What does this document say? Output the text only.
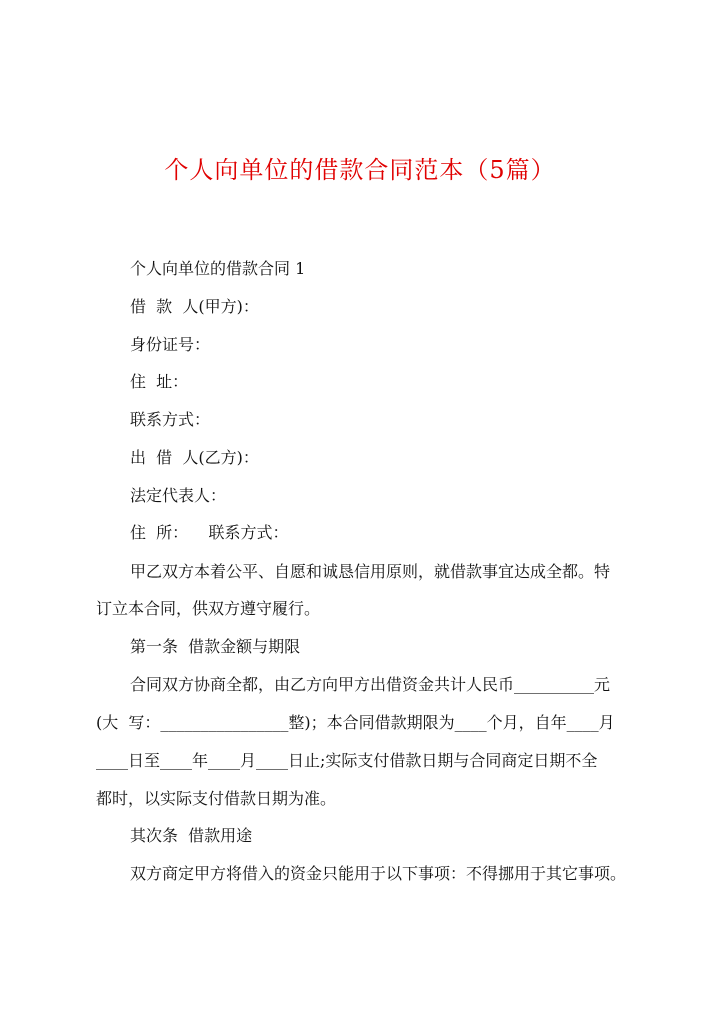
个人向单位的借款合同范本（5篇）
个人向单位的借款合同 1
借  款  人(甲方)：
身份证号：
住  址：
联系方式：
出  借  人(乙方)：
法定代表人：
住  所：    联系方式：
甲乙双方本着公平、自愿和诚恳信用原则，就借款事宜达成全都。特
订立本合同，供双方遵守履行。
第一条  借款金额与期限
合同双方协商全都，由乙方向甲方出借资金共计人民币__________元
(大  写：________________整)；本合同借款期限为____个月，自年____月
____日至____年____月____日止;实际支付借款日期与合同商定日期不全
都时，以实际支付借款日期为准。
其次条  借款用途
双方商定甲方将借入的资金只能用于以下事项：不得挪用于其它事项。
